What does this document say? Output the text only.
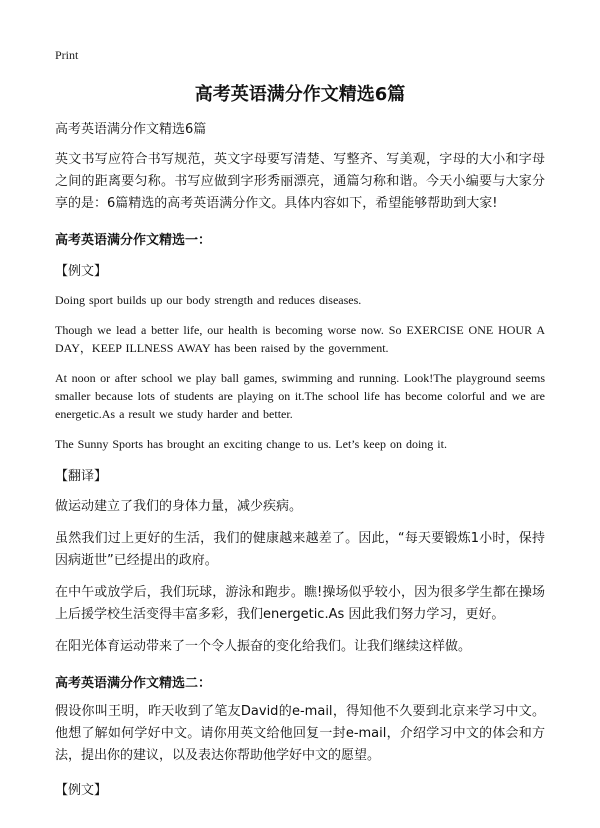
Print
高考英语满分作文精选6篇

高考英语满分作文精选6篇

英文书写应符合书写规范，英文字母要写清楚、写整齐、写美观，字母的大小和字母之间的距离要匀称。书写应做到字形秀丽漂亮，通篇匀称和谐。今天小编要与大家分享的是：6篇精选的高考英语满分作文。具体内容如下，希望能够帮助到大家!

高考英语满分作文精选一：

【例文】

Doing sport builds up our body strength and reduces diseases.

Though we lead a better life, our health is becoming worse now. So EXERCISE ONE HOUR A DAY，KEEP ILLNESS AWAY has been raised by the government.

At noon or after school we play ball games, swimming and running. Look!The playground seems smaller because lots of students are playing on it.The school life has become colorful and we are energetic.As a result we study harder and better.

The Sunny Sports has brought an exciting change to us. Let’s keep on doing it.

【翻译】

做运动建立了我们的身体力量，减少疾病。

虽然我们过上更好的生活，我们的健康越来越差了。因此，“每天要锻炼1小时，保持因病逝世”已经提出的政府。

在中午或放学后，我们玩球，游泳和跑步。瞧!操场似乎较小，因为很多学生都在操场上后援学校生活变得丰富多彩，我们energetic.As 因此我们努力学习，更好。

在阳光体育运动带来了一个令人振奋的变化给我们。让我们继续这样做。

高考英语满分作文精选二：

假设你叫王明，昨天收到了笔友David的e-mail，得知他不久要到北京来学习中文。他想了解如何学好中文。请你用英文给他回复一封e-mail，介绍学习中文的体会和方法，提出你的建议，以及表达你帮助他学好中文的愿望。

【例文】
